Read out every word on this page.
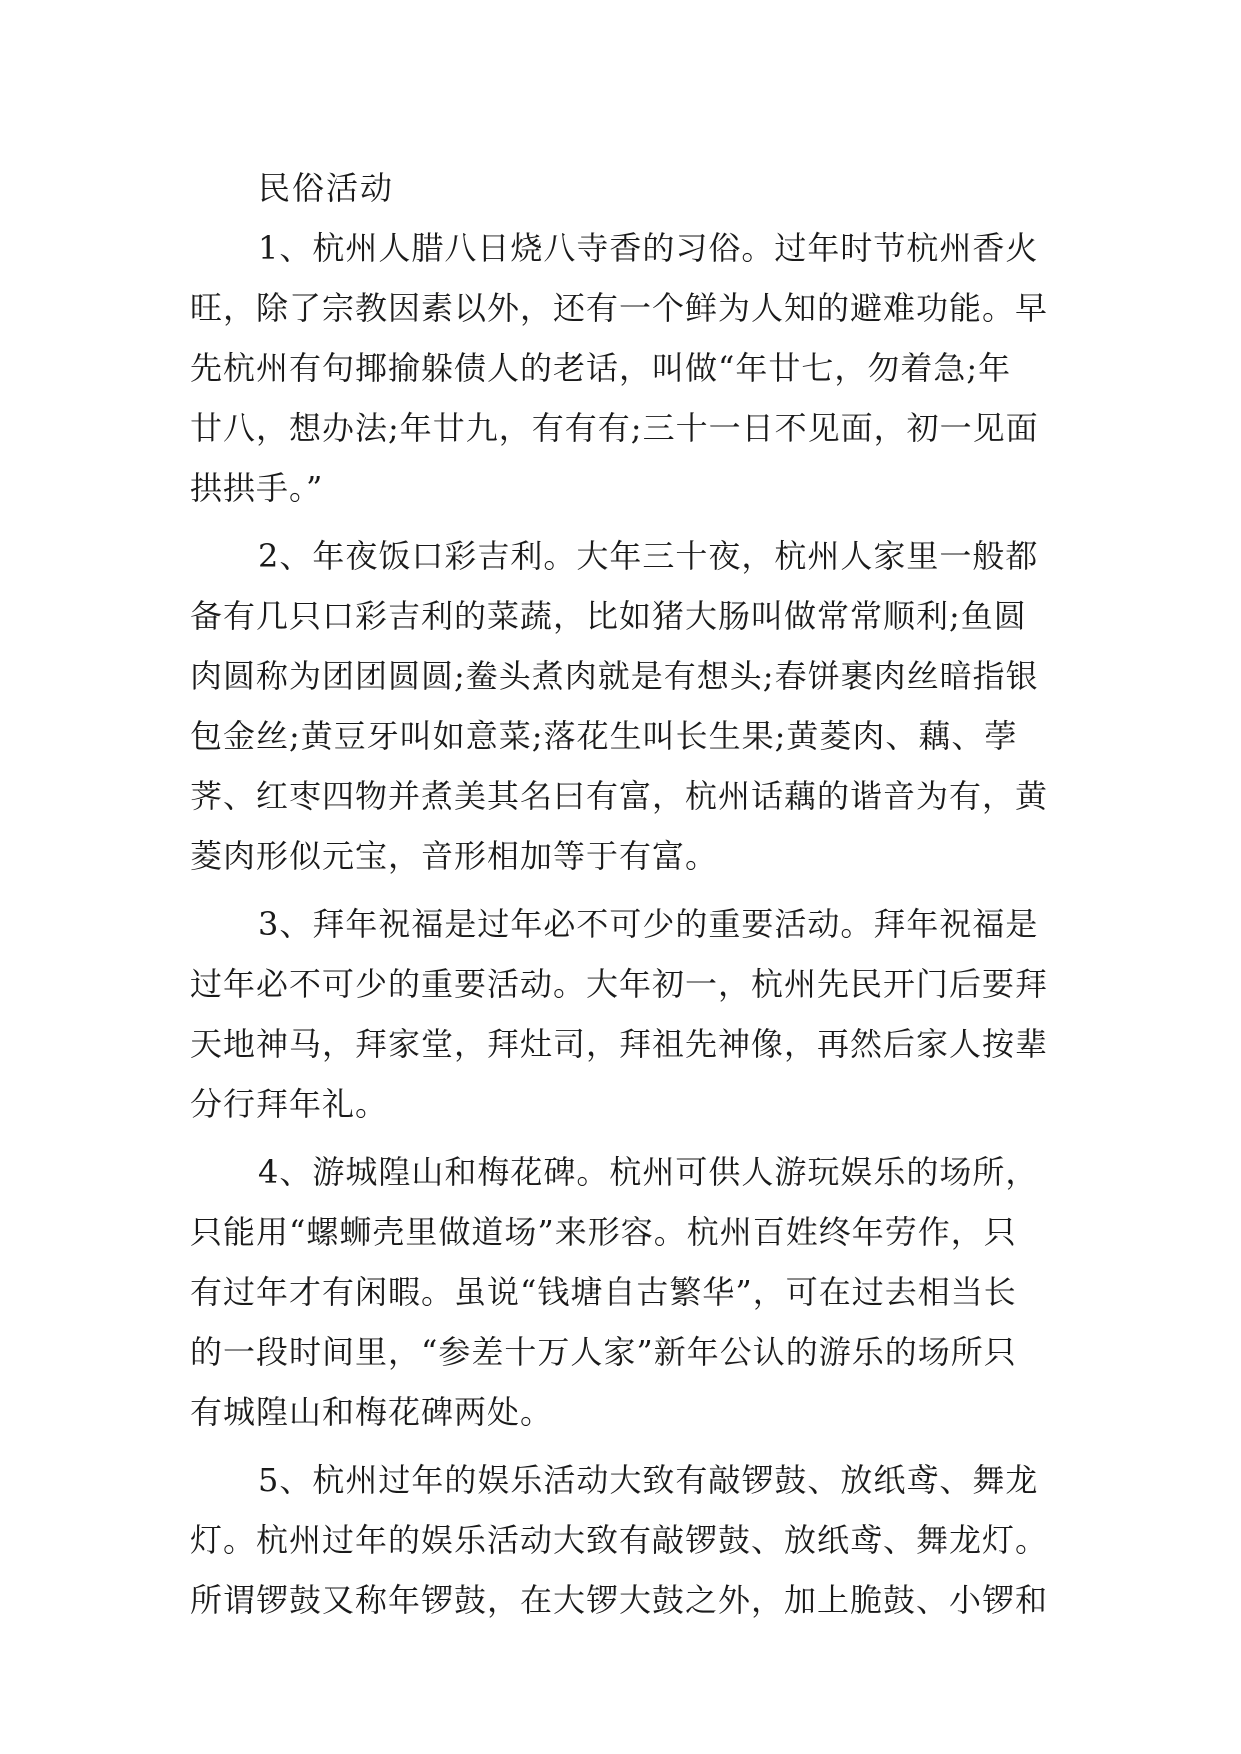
民俗活动
1、杭州人腊八日烧八寺香的习俗。过年时节杭州香火
旺，除了宗教因素以外，还有一个鲜为人知的避难功能。早
先杭州有句揶揄躲债人的老话，叫做“年廿七，勿着急;年
廿八，想办法;年廿九，有有有;三十一日不见面，初一见面
拱拱手。”
2、年夜饭口彩吉利。大年三十夜，杭州人家里一般都
备有几只口彩吉利的菜蔬，比如猪大肠叫做常常顺利;鱼圆
肉圆称为团团圆圆;鲞头煮肉就是有想头;春饼裹肉丝暗指银
包金丝;黄豆牙叫如意菜;落花生叫长生果;黄菱肉、藕、荸
荠、红枣四物并煮美其名曰有富，杭州话藕的谐音为有，黄
菱肉形似元宝，音形相加等于有富。
3、拜年祝福是过年必不可少的重要活动。拜年祝福是
过年必不可少的重要活动。大年初一，杭州先民开门后要拜
天地神马，拜家堂，拜灶司，拜祖先神像，再然后家人按辈
分行拜年礼。
4、游城隍山和梅花碑。杭州可供人游玩娱乐的场所，
只能用“螺蛳壳里做道场”来形容。杭州百姓终年劳作，只
有过年才有闲暇。虽说“钱塘自古繁华”，可在过去相当长
的一段时间里，“参差十万人家”新年公认的游乐的场所只
有城隍山和梅花碑两处。
5、杭州过年的娱乐活动大致有敲锣鼓、放纸鸢、舞龙
灯。杭州过年的娱乐活动大致有敲锣鼓、放纸鸢、舞龙灯。
所谓锣鼓又称年锣鼓，在大锣大鼓之外，加上脆鼓、小锣和
